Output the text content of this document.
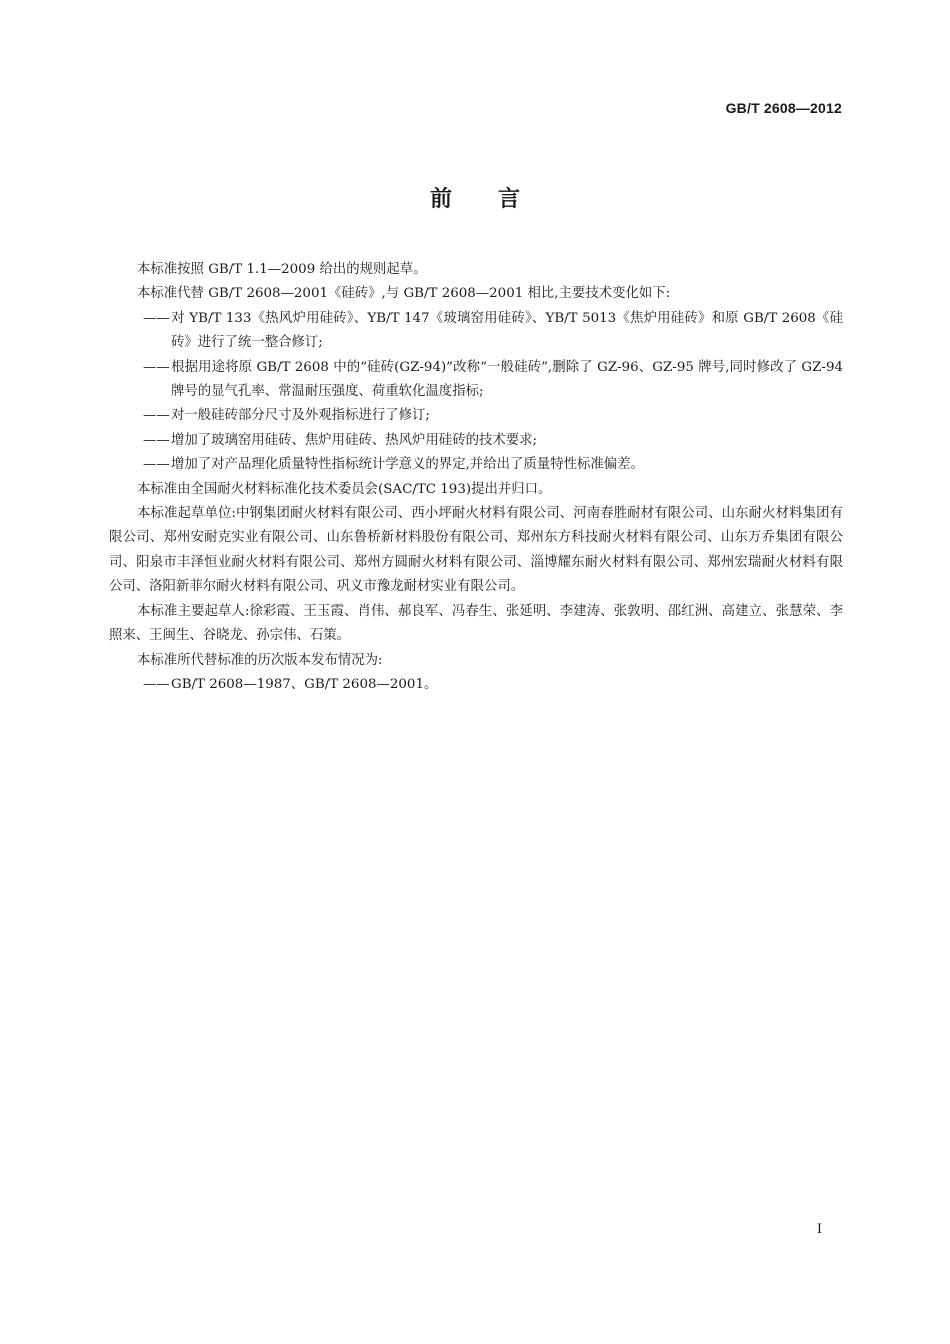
GB/T 2608—2012
前言

本标准按照 GB/T 1.1—2009 给出的规则起草。

本标准代替 GB/T 2608—2001《硅砖》,与 GB/T 2608—2001 相比,主要技术变化如下:

——对 YB/T 133《热风炉用硅砖》、YB/T 147《玻璃窑用硅砖》、YB/T 5013《焦炉用硅砖》和原 GB/T 2608《硅砖》进行了统一整合修订;

——根据用途将原 GB/T 2608 中的“硅砖(GZ-94)”改称“一般硅砖”,删除了 GZ-96、GZ-95 牌号,同时修改了 GZ-94 牌号的显气孔率、常温耐压强度、荷重软化温度指标;

——对一般硅砖部分尺寸及外观指标进行了修订;

——增加了玻璃窑用硅砖、焦炉用硅砖、热风炉用硅砖的技术要求;

——增加了对产品理化质量特性指标统计学意义的界定,并给出了质量特性标准偏差。

本标准由全国耐火材料标准化技术委员会(SAC/TC 193)提出并归口。

本标准起草单位:中钢集团耐火材料有限公司、西小坪耐火材料有限公司、河南春胜耐材有限公司、山东耐火材料集团有限公司、郑州安耐克实业有限公司、山东鲁桥新材料股份有限公司、郑州东方科技耐火材料有限公司、山东万乔集团有限公司、阳泉市丰泽恒业耐火材料有限公司、郑州方圆耐火材料有限公司、淄博耀东耐火材料有限公司、郑州宏瑞耐火材料有限公司、洛阳新菲尔耐火材料有限公司、巩义市豫龙耐材实业有限公司。

本标准主要起草人:徐彩霞、王玉霞、肖伟、郝良军、冯春生、张延明、李建涛、张敦明、邵红洲、高建立、张慧荣、李照来、王闽生、谷晓龙、孙宗伟、石策。

本标准所代替标准的历次版本发布情况为:

——GB/T 2608—1987、GB/T 2608—2001。

I
